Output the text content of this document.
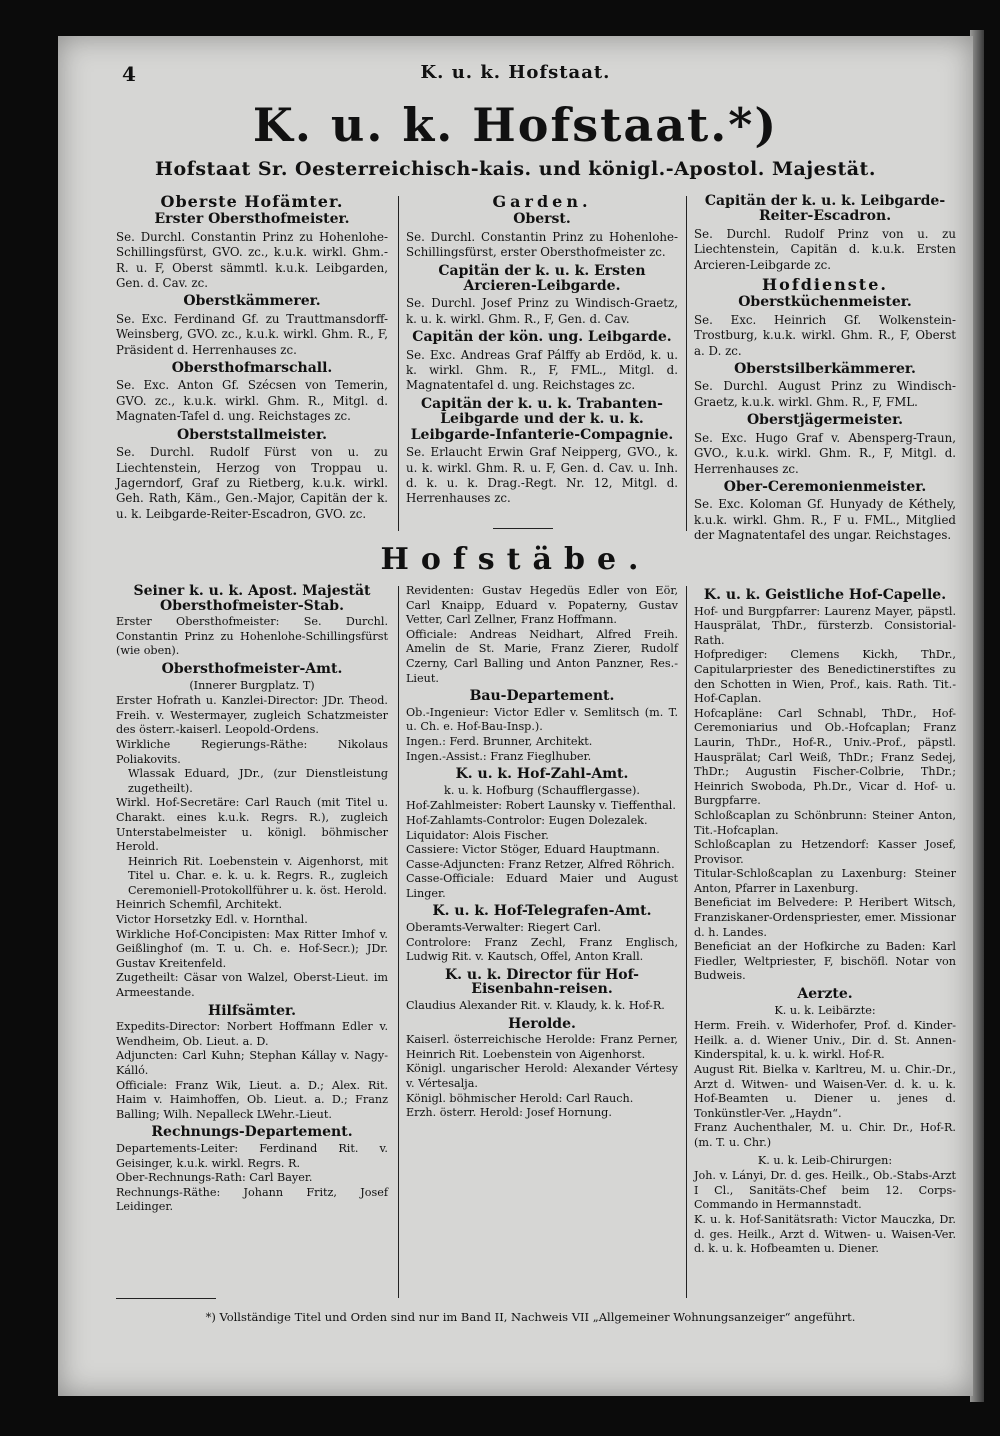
4	K. u. k. Hofstaat.
K. u. k. Hofstaat.*)
Hofstaat Sr. Oesterreichisch-kais. und königl.-Apostol. Majestät.
Oberste Hofämter.
Erster Obersthofmeister.

Se. Durchl. Constantin Prinz zu Hohenlohe-Schillingsfürst, GVO. zc., k.u.k. wirkl. Ghm.-R. u. F, Oberst sämmtl. k.u.k. Leibgarden, Gen. d. Cav. zc.

Oberstkämmerer.

Se. Exc. Ferdinand Gf. zu Trauttmansdorff-Weinsberg, GVO. zc., k.u.k. wirkl. Ghm. R., F, Präsident d. Herrenhauses zc.

Obersthofmarschall.

Se. Exc. Anton Gf. Szécsen von Temerin, GVO. zc., k.u.k. wirkl. Ghm. R., Mitgl. d. Magnaten-Tafel d. ung. Reichstages zc.

Oberststallmeister.

Se. Durchl. Rudolf Fürst von u. zu Liechtenstein, Herzog von Troppau u. Jagerndorf, Graf zu Rietberg, k.u.k. wirkl. Geh. Rath, Käm., Gen.-Major, Capitän der k. u. k. Leibgarde-Reiter-Escadron, GVO. zc.

Garden.
Oberst.

Se. Durchl. Constantin Prinz zu Hohenlohe-Schillingsfürst, erster Obersthofmeister zc.

Capitän der k. u. k. Ersten Arcieren-Leibgarde.

Se. Durchl. Josef Prinz zu Windisch-Graetz, k. u. k. wirkl. Ghm. R., F, Gen. d. Cav.

Capitän der kön. ung. Leibgarde.

Se. Exc. Andreas Graf Pálffy ab Erdöd, k. u. k. wirkl. Ghm. R., F, FML., Mitgl. d. Magnatentafel d. ung. Reichstages zc.

Capitän der k. u. k. Trabanten-Leibgarde und der k. u. k. Leibgarde-Infanterie-Compagnie.

Se. Erlaucht Erwin Graf Neipperg, GVO., k. u. k. wirkl. Ghm. R. u. F, Gen. d. Cav. u. Inh. d. k. u. k. Drag.-Regt. Nr. 12, Mitgl. d. Herrenhauses zc.

Capitän der k. u. k. Leibgarde-Reiter-Escadron.

Se. Durchl. Rudolf Prinz von u. zu Liechtenstein, Capitän d. k.u.k. Ersten Arcieren-Leibgarde zc.

Hofdienste.
Oberstküchenmeister.

Se. Exc. Heinrich Gf. Wolkenstein-Trostburg, k.u.k. wirkl. Ghm. R., F, Oberst a. D. zc.

Oberstsilberkämmerer.

Se. Durchl. August Prinz zu Windisch-Graetz, k.u.k. wirkl. Ghm. R., F, FML.

Oberstjägermeister.

Se. Exc. Hugo Graf v. Abensperg-Traun, GVO., k.u.k. wirkl. Ghm. R., F, Mitgl. d. Herrenhauses zc.

Ober-Ceremonienmeister.

Se. Exc. Koloman Gf. Hunyady de Kéthely, k.u.k. wirkl. Ghm. R., F u. FML., Mitglied der Magnatentafel des ungar. Reichstages.

Hofstäbe.
Seiner k. u. k. Apost. Majestät Obersthofmeister-Stab.

Erster Obersthofmeister: Se. Durchl. Constantin Prinz zu Hohenlohe-Schillingsfürst (wie oben).

Obersthofmeister-Amt.
(Innerer Burgplatz. T)

Erster Hofrath u. Kanzlei-Director: JDr. Theod. Freih. v. Westermayer, zugleich Schatzmeister des österr.-kaiserl. Leopold-Ordens.

Wirkliche Regierungs-Räthe: Nikolaus Poliakovits.

Wlassak Eduard, JDr., (zur Dienstleistung zugetheilt).

Wirkl. Hof-Secretäre: Carl Rauch (mit Titel u. Charakt. eines k.u.k. Regrs. R.), zugleich Unterstabelmeister u. königl. böhmischer Herold.

Heinrich Rit. Loebenstein v. Aigenhorst, mit Titel u. Char. e. k. u. k. Regrs. R., zugleich Ceremoniell-Protokollführer u. k. öst. Herold.

Heinrich Schemfil, Architekt.

Victor Horsetzky Edl. v. Hornthal.

Wirkliche Hof-Concipisten: Max Ritter Imhof v. Geißlinghof (m. T. u. Ch. e. Hof-Secr.); JDr. Gustav Kreitenfeld.

Zugetheilt: Cäsar von Walzel, Oberst-Lieut. im Armeestande.

Hilfsämter.

Expedits-Director: Norbert Hoffmann Edler v. Wendheim, Ob. Lieut. a. D.

Adjuncten: Carl Kuhn; Stephan Kállay v. Nagy-Kálló.

Officiale: Franz Wik, Lieut. a. D.; Alex. Rit. Haim v. Haimhoffen, Ob. Lieut. a. D.; Franz Balling; Wilh. Nepalleck LWehr.-Lieut.

Rechnungs-Departement.

Departements-Leiter: Ferdinand Rit. v. Geisinger, k.u.k. wirkl. Regrs. R.

Ober-Rechnungs-Rath: Carl Bayer.

Rechnungs-Räthe: Johann Fritz, Josef Leidinger.

Revidenten: Gustav Hegedüs Edler von Eör, Carl Knaipp, Eduard v. Popaterny, Gustav Vetter, Carl Zellner, Franz Hoffmann.

Officiale: Andreas Neidhart, Alfred Freih. Amelin de St. Marie, Franz Zierer, Rudolf Czerny, Carl Balling und Anton Panzner, Res.-Lieut.

Bau-Departement.

Ob.-Ingenieur: Victor Edler v. Semlitsch (m. T. u. Ch. e. Hof-Bau-Insp.).

Ingen.: Ferd. Brunner, Architekt.

Ingen.-Assist.: Franz Fieglhuber.

K. u. k. Hof-Zahl-Amt.
k. u. k. Hofburg (Schaufflergasse).

Hof-Zahlmeister: Robert Launsky v. Tieffenthal.

Hof-Zahlamts-Controlor: Eugen Dolezalek.

Liquidator: Alois Fischer.

Cassiere: Victor Stöger, Eduard Hauptmann.

Casse-Adjuncten: Franz Retzer, Alfred Röhrich.

Casse-Officiale: Eduard Maier und August Linger.

K. u. k. Hof-Telegrafen-Amt.

Oberamts-Verwalter: Riegert Carl.

Controlore: Franz Zechl, Franz Englisch, Ludwig Rit. v. Kautsch, Offel, Anton Krall.

K. u. k. Director für Hof-Eisenbahn-reisen.

Claudius Alexander Rit. v. Klaudy, k. k. Hof-R.

Herolde.

Kaiserl. österreichische Herolde: Franz Perner, Heinrich Rit. Loebenstein von Aigenhorst.

Königl. ungarischer Herold: Alexander Vértesy v. Vértesalja.

Königl. böhmischer Herold: Carl Rauch.

Erzh. österr. Herold: Josef Hornung.

K. u. k. Geistliche Hof-Capelle.

Hof- und Burgpfarrer: Laurenz Mayer, päpstl. Hausprälat, ThDr., fürsterzb. Consistorial-Rath.

Hofprediger: Clemens Kickh, ThDr., Capitularpriester des Benedictinerstiftes zu den Schotten in Wien, Prof., kais. Rath. Tit.-Hof-Caplan.

Hofcapläne: Carl Schnabl, ThDr., Hof-Ceremoniarius und Ob.-Hofcaplan; Franz Laurin, ThDr., Hof-R., Univ.-Prof., päpstl. Hausprälat; Carl Weiß, ThDr.; Franz Sedej, ThDr.; Augustin Fischer-Colbrie, ThDr.; Heinrich Swoboda, Ph.Dr., Vicar d. Hof- u. Burgpfarre.

Schloßcaplan zu Schönbrunn: Steiner Anton, Tit.-Hofcaplan.

Schloßcaplan zu Hetzendorf: Kasser Josef, Provisor.

Titular-Schloßcaplan zu Laxenburg: Steiner Anton, Pfarrer in Laxenburg.

Beneficiat im Belvedere: P. Heribert Witsch, Franziskaner-Ordenspriester, emer. Missionar d. h. Landes.

Beneficiat an der Hofkirche zu Baden: Karl Fiedler, Weltpriester, F, bischöfl. Notar von Budweis.

Aerzte.
K. u. k. Leibärzte:

Herm. Freih. v. Widerhofer, Prof. d. Kinder-Heilk. a. d. Wiener Univ., Dir. d. St. Annen-Kinderspital, k. u. k. wirkl. Hof-R.

August Rit. Bielka v. Karltreu, M. u. Chir.-Dr., Arzt d. Witwen- und Waisen-Ver. d. k. u. k. Hof-Beamten u. Diener u. jenes d. Tonkünstler-Ver. „Haydn“.

Franz Auchenthaler, M. u. Chir. Dr., Hof-R. (m. T. u. Chr.)

K. u. k. Leib-Chirurgen:

Joh. v. Lányi, Dr. d. ges. Heilk., Ob.-Stabs-Arzt I Cl., Sanitäts-Chef beim 12. Corps-Commando in Hermannstadt.

K. u. k. Hof-Sanitätsrath: Victor Mauczka, Dr. d. ges. Heilk., Arzt d. Witwen- u. Waisen-Ver. d. k. u. k. Hofbeamten u. Diener.

*) Vollständige Titel und Orden sind nur im Band II, Nachweis VII „Allgemeiner Wohnungsanzeiger“ angeführt.
